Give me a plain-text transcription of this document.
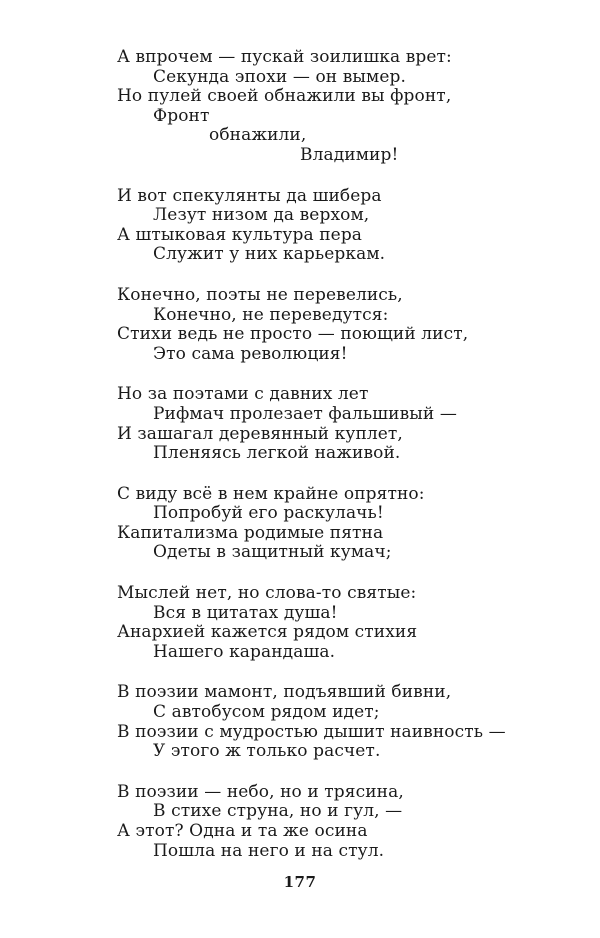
А впрочем — пускай зоилишка врет:
Секунда эпохи — он вымер.
Но пулей своей обнажили вы фронт,
Фронт
обнажили,
Владимир!
И вот спекулянты да шибера
Лезут низом да верхом,
А штыковая культура пера
Служит у них карьеркам.
Конечно, поэты не перевелись,
Конечно, не переведутся:
Стихи ведь не просто — поющий лист,
Это сама революция!
Но за поэтами с давних лет
Рифмач пролезает фальшивый —
И зашагал деревянный куплет,
Пленяясь легкой наживой.
С виду всё в нем крайне опрятно:
Попробуй его раскулачь!
Капитализма родимые пятна
Одеты в защитный кумач;
Мыслей нет, но слова-то святые:
Вся в цитатах душа!
Анархией кажется рядом стихия
Нашего карандаша.
В поэзии мамонт, подъявший бивни,
С автобусом рядом идет;
В поэзии с мудростью дышит наивность —
У этого ж только расчет.
В поэзии — небо, но и трясина,
В стихе струна, но и гул, —
А этот? Одна и та же осина
Пошла на него и на стул.
177
